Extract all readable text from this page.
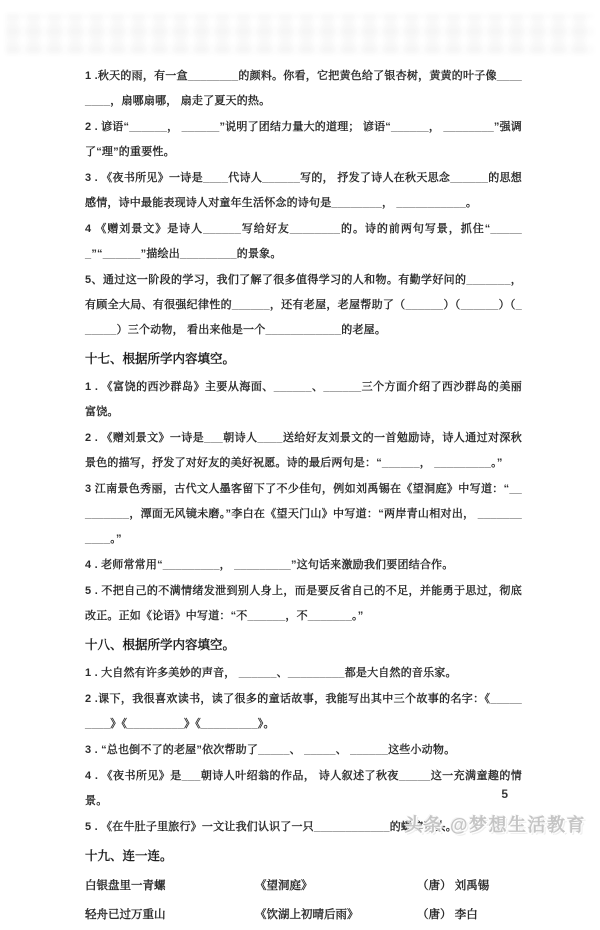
1 .秋天的雨，有一盒________的颜料。你看，它把黄色给了银杏树，黄黄的叶子像________，扇哪扇哪， 扇走了夏天的热。

2 . 谚语“______， ______”说明了团结力量大的道理； 谚语“______， ________”强调了“理”的重要性。

3 . 《夜书所见》一诗是____代诗人______写的， 抒发了诗人在秋天思念______的思想感情，诗中最能表现诗人对童年生活怀念的诗句是________， ___________。

4 《赠刘景文》是诗人______写给好友________的。诗的前两句写景，抓住“______”“______”描绘出_________的景象。

5、通过这一阶段的学习，我们了解了很多值得学习的人和物。有勤学好问的_______， 有顾全大局、有很强纪律性的______，还有老屋，老屋帮助了（______）（______）（______）三个动物， 看出来他是一个____________的老屋。

十七、根据所学内容填空。

1 . 《富饶的西沙群岛》主要从海面、______、______三个方面介绍了西沙群岛的美丽富饶。

2 . 《赠刘景文》一诗是___朝诗人____送给好友刘景文的一首勉励诗，诗人通过对深秋景色的描写，抒发了对好友的美好祝愿。诗的最后两句是：“______， _________。”

3 江南景色秀丽，古代文人墨客留下了不少佳句，例如刘禹锡在《望洞庭》中写道：“_________，潭面无风镜未磨。”李白在《望天门山》中写道：“两岸青山相对出， ___________。”

4 . 老师常常用“_________， _________”这句话来激励我们要团结合作。

5 . 不把自己的不满情绪发泄到别人身上，而是要反省自己的不足，并能勇于思过，彻底改正。正如《论语》中写道：“不______，不_______。”

十八、根据所学内容填空。

1 . 大自然有许多美妙的声音， ______、_________都是大自然的音乐家。

2 .课下，我很喜欢读书，读了很多的童话故事，我能写出其中三个故事的名字：《_________》《_________》《_________》。

3 . “总也倒不了的老屋”依次帮助了_____、 _____、 ______这些小动物。

4 . 《夜书所见》是___朝诗人叶绍翁的作品， 诗人叙述了秋夜_____这一充满童趣的情景。

5 . 《在牛肚子里旅行》一文让我们认识了一只____________的蟋蟀青头。

十九、连一连。
白银盘里一青螺	《望洞庭》	（唐） 刘禹锡
轻舟已过万重山	《饮湖上初晴后雨》	（唐） 李白
5
头条 @梦想生活教育
